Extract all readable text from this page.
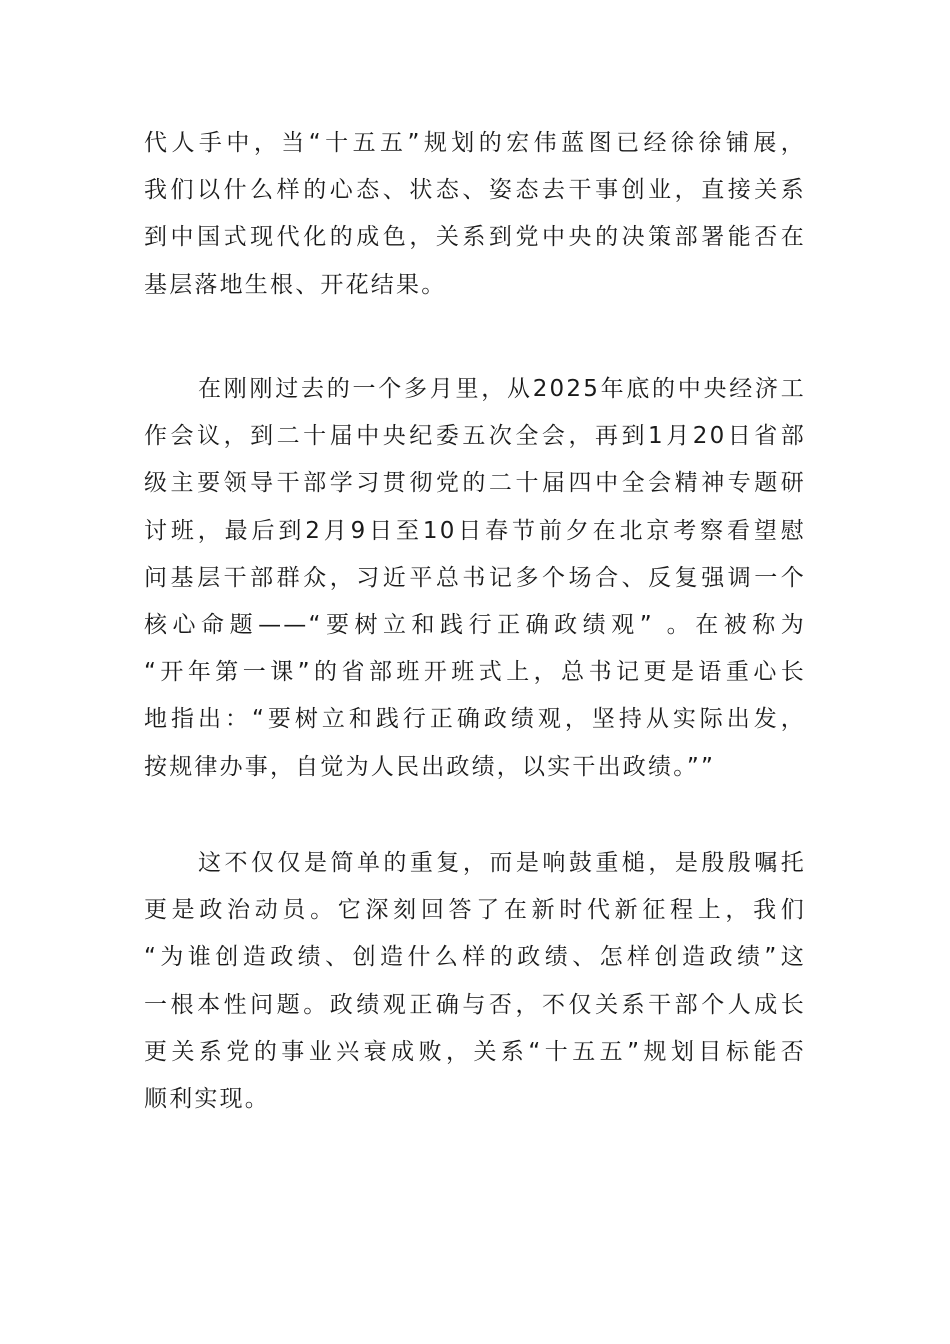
代人手中，当“十五五”规划的宏伟蓝图已经徐徐铺展，
我们以什么样的心态、状态、姿态去干事创业，直接关系
到中国式现代化的成色，关系到党中央的决策部署能否在
基层落地生根、开花结果。
在刚刚过去的一个多月里，从2025年底的中央经济工
作会议，到二十届中央纪委五次全会，再到1月20日省部
级主要领导干部学习贯彻党的二十届四中全会精神专题研
讨班，最后到2月9日至10日春节前夕在北京考察看望慰
问基层干部群众，习近平总书记多个场合、反复强调一个
核心命题——“要树立和践行正确政绩观” 。在被称为
“开年第一课”的省部班开班式上，总书记更是语重心长
地指出：“要树立和践行正确政绩观，坚持从实际出发，
按规律办事，自觉为人民出政绩，以实干出政绩。””
这不仅仅是简单的重复，而是响鼓重槌，是殷殷嘱托
更是政治动员。它深刻回答了在新时代新征程上，我们
“为谁创造政绩、创造什么样的政绩、怎样创造政绩”这
一根本性问题。政绩观正确与否，不仅关系干部个人成长
更关系党的事业兴衰成败，关系“十五五”规划目标能否
顺利实现。
